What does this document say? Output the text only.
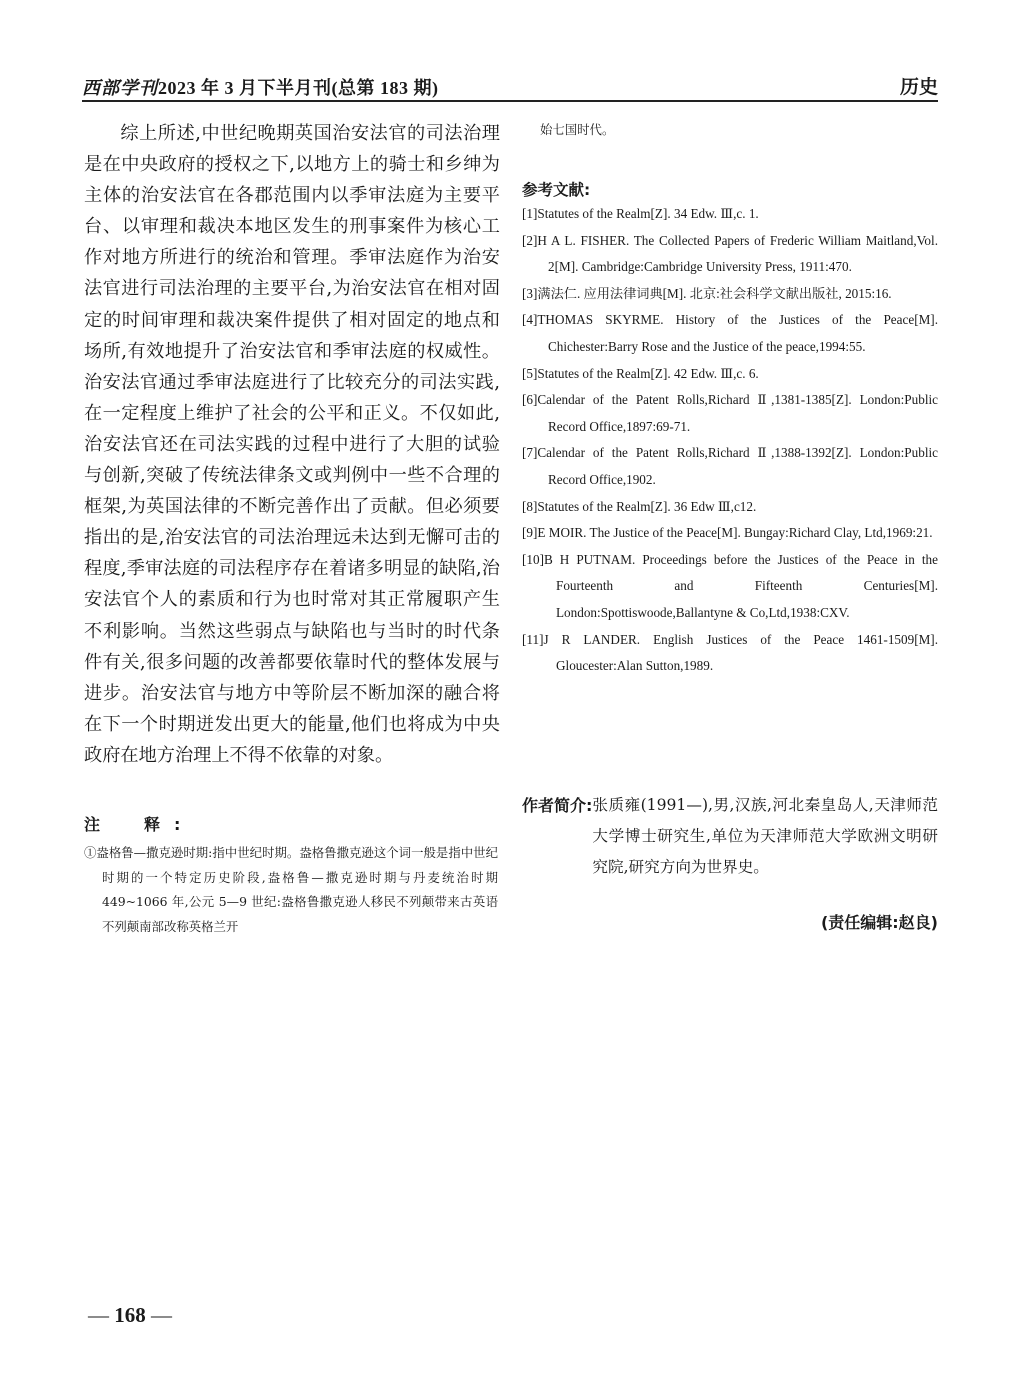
西部学刊2023 年 3 月下半月刊(总第 183 期)	历史

综上所述,中世纪晚期英国治安法官的司法治理是在中央政府的授权之下,以地方上的骑士和乡绅为主体的治安法官在各郡范围内以季审法庭为主要平台、以审理和裁决本地区发生的刑事案件为核心工作对地方所进行的统治和管理。季审法庭作为治安法官进行司法治理的主要平台,为治安法官在相对固定的时间审理和裁决案件提供了相对固定的地点和场所,有效地提升了治安法官和季审法庭的权威性。治安法官通过季审法庭进行了比较充分的司法实践,在一定程度上维护了社会的公平和正义。不仅如此,治安法官还在司法实践的过程中进行了大胆的试验与创新,突破了传统法律条文或判例中一些不合理的框架,为英国法律的不断完善作出了贡献。但必须要指出的是,治安法官的司法治理远未达到无懈可击的程度,季审法庭的司法程序存在着诸多明显的缺陷,治安法官个人的素质和行为也时常对其正常履职产生不利影响。当然这些弱点与缺陷也与当时的时代条件有关,很多问题的改善都要依靠时代的整体发展与进步。治安法官与地方中等阶层不断加深的融合将在下一个时期迸发出更大的能量,他们也将成为中央政府在地方治理上不得不依靠的对象。

注　释:
①盎格鲁—撒克逊时期:指中世纪时期。盎格鲁撒克逊这个词一般是指中世纪时期的一个特定历史阶段,盎格鲁—撒克逊时期与丹麦统治时期 449~1066 年,公元 5—9 世纪:盎格鲁撒克逊人移民不列颠带来古英语不列颠南部改称英格兰开
始七国时代。
参考文献:
[1]Statutes of the Realm[Z]. 34 Edw. Ⅲ,c. 1.
[2]H A L. FISHER. The Collected Papers of Frederic William Maitland,Vol. 2[M]. Cambridge:Cambridge University Press, 1911:470.
[3]满法仁. 应用法律词典[M]. 北京:社会科学文献出版社, 2015:16.
[4]THOMAS SKYRME. History of the Justices of the Peace[M]. Chichester:Barry Rose and the Justice of the peace,1994:55.
[5]Statutes of the Realm[Z]. 42 Edw. Ⅲ,c. 6.
[6]Calendar of the Patent Rolls,Richard Ⅱ,1381-1385[Z]. London:Public Record Office,1897:69-71.
[7]Calendar of the Patent Rolls,Richard Ⅱ,1388-1392[Z]. London:Public Record Office,1902.
[8]Statutes of the Realm[Z]. 36 Edw Ⅲ,c12.
[9]E MOIR. The Justice of the Peace[M]. Bungay:Richard Clay, Ltd,1969:21.
[10]B H PUTNAM. Proceedings before the Justices of the Peace in the Fourteenth and Fifteenth Centuries[M]. London:Spottiswoode,Ballantyne & Co,Ltd,1938:CXV.
[11]J R LANDER. English Justices of the Peace 1461-1509[M]. Gloucester:Alan Sutton,1989.
作者简介: 张质雍(1991—),男,汉族,河北秦皇岛人,天津师范大学博士研究生,单位为天津师范大学欧洲文明研究院,研究方向为世界史。
(责任编辑:赵良)
— 168 —
